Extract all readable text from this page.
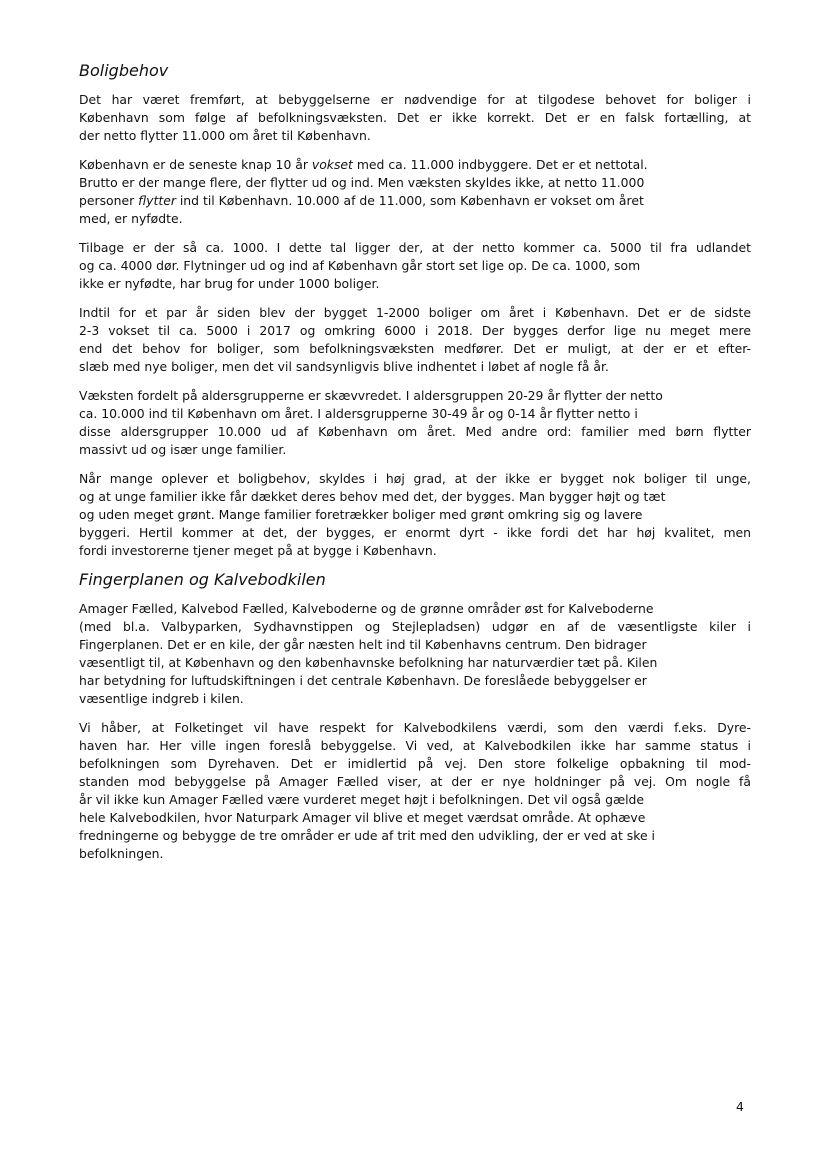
Boligbehov

Det har været fremført, at bebyggelserne er nødvendige for at tilgodese behovet for boliger i
København som følge af befolkningsvæksten. Det er ikke korrekt. Det er en falsk fortælling, at
der netto flytter 11.000 om året til København.

København er de seneste knap 10 år vokset med ca. 11.000 indbyggere. Det er et nettotal.
Brutto er der mange flere, der flytter ud og ind. Men væksten skyldes ikke, at netto 11.000
personer flytter ind til København. 10.000 af de 11.000, som København er vokset om året
med, er nyfødte.

Tilbage er der så ca. 1000. I dette tal ligger der, at der netto kommer ca. 5000 til fra udlandet
og ca. 4000 dør. Flytninger ud og ind af København går stort set lige op. De ca. 1000, som
ikke er nyfødte, har brug for under 1000 boliger.

Indtil for et par år siden blev der bygget 1-2000 boliger om året i København. Det er de sidste
2-3 vokset til ca. 5000 i 2017 og omkring 6000 i 2018. Der bygges derfor lige nu meget mere
end det behov for boliger, som befolkningsvæksten medfører. Det er muligt, at der er et efter-
slæb med nye boliger, men det vil sandsynligvis blive indhentet i løbet af nogle få år.

Væksten fordelt på aldersgrupperne er skævvredet. I aldersgruppen 20-29 år flytter der netto
ca. 10.000 ind til København om året. I aldersgrupperne 30-49 år og 0-14 år flytter netto i
disse aldersgrupper 10.000 ud af København om året. Med andre ord: familier med børn flytter
massivt ud og især unge familier.

Når mange oplever et boligbehov, skyldes i høj grad, at der ikke er bygget nok boliger til unge,
og at unge familier ikke får dækket deres behov med det, der bygges. Man bygger højt og tæt
og uden meget grønt. Mange familier foretrækker boliger med grønt omkring sig og lavere
byggeri. Hertil kommer at det, der bygges, er enormt dyrt - ikke fordi det har høj kvalitet, men
fordi investorerne tjener meget på at bygge i København.

Fingerplanen og Kalvebodkilen

Amager Fælled, Kalvebod Fælled, Kalveboderne og de grønne områder øst for Kalveboderne
(med bl.a. Valbyparken, Sydhavnstippen og Stejlepladsen) udgør en af de væsentligste kiler i
Fingerplanen. Det er en kile, der går næsten helt ind til Københavns centrum. Den bidrager
væsentligt til, at København og den københavnske befolkning har naturværdier tæt på. Kilen
har betydning for luftudskiftningen i det centrale København. De foreslåede bebyggelser er
væsentlige indgreb i kilen.

Vi håber, at Folketinget vil have respekt for Kalvebodkilens værdi, som den værdi f.eks. Dyre-
haven har. Her ville ingen foreslå bebyggelse. Vi ved, at Kalvebodkilen ikke har samme status i
befolkningen som Dyrehaven. Det er imidlertid på vej. Den store folkelige opbakning til mod-
standen mod bebyggelse på Amager Fælled viser, at der er nye holdninger på vej. Om nogle få
år vil ikke kun Amager Fælled være vurderet meget højt i befolkningen. Det vil også gælde
hele Kalvebodkilen, hvor Naturpark Amager vil blive et meget værdsat område. At ophæve
fredningerne og bebygge de tre områder er ude af trit med den udvikling, der er ved at ske i
befolkningen.

4
